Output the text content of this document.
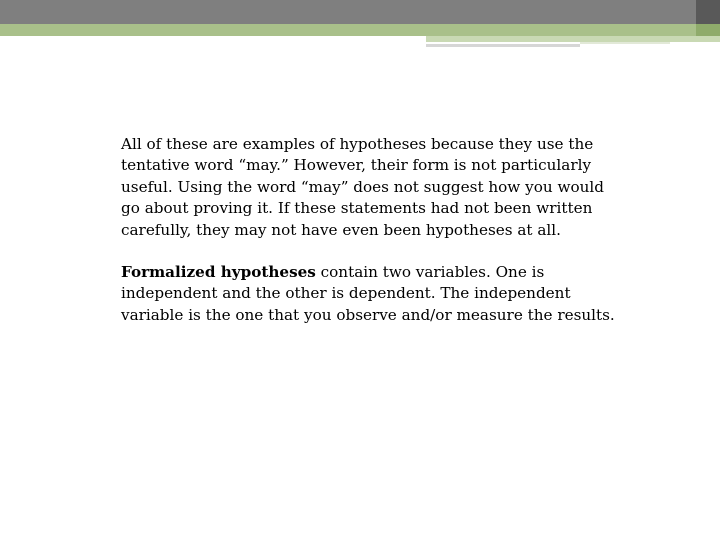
All of these are examples of hypotheses because they use the tentative word “may.” However, their form is not particularly useful. Using the word “may” does not suggest how you would go about proving it. If these statements had not been written carefully, they may not have even been hypotheses at all.

Formalized hypotheses contain two variables. One is independent and the other is dependent. The independent variable is the one that you observe and/or measure the results.
